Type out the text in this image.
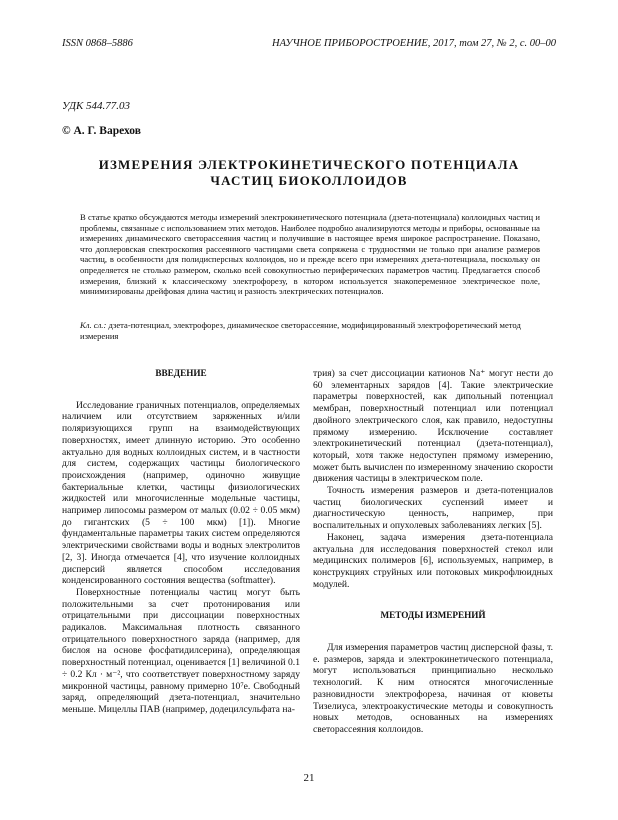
ISSN 0868–5886	НАУЧНОЕ ПРИБОРОСТРОЕНИЕ, 2017, том 27, № 2, с. 00–00
УДК 544.77.03
© А. Г. Варехов
ИЗМЕРЕНИЯ ЭЛЕКТРОКИНЕТИЧЕСКОГО ПОТЕНЦИАЛА
ЧАСТИЦ БИОКОЛЛОИДОВ
В статье кратко обсуждаются методы измерений электрокинетического потенциала (дзета-потенциала) коллоидных частиц и проблемы, связанные с использованием этих методов. Наиболее подробно анализируются методы и приборы, основанные на измерениях динамического светорассеяния частиц и получившие в настоящее время широкое распространение. Показано, что доплеровская спектроскопия рассеянного частицами света сопряжена с трудностями не только при анализе размеров частиц, в особенности для полидисперсных коллоидов, но и прежде всего при измерениях дзета-потенциала, поскольку он определяется не столько размером, сколько всей совокупностью периферических параметров частиц. Предлагается способ измерения, близкий к классическому электрофорезу, в котором используется знакопеременное электрическое поле, минимизированы дрейфовая длина частиц и разность электрических потенциалов.
Кл. сл.: дзета-потенциал, электрофорез, динамическое светорассеяние, модифицированный электрофоретический метод измерения
ВВЕДЕНИЕ

Исследование граничных потенциалов, определяемых наличием или отсутствием заряженных и/или поляризующихся групп на взаимодействующих поверхностях, имеет длинную историю. Это особенно актуально для водных коллоидных систем, и в частности для систем, содержащих частицы биологического происхождения (например, одиночно живущие бактериальные клетки, частицы физиологических жидкостей или многочисленные модельные частицы, например липосомы размером от малых (0.02 ÷ 0.05 мкм) до гигантских (5 ÷ 100 мкм) [1]). Многие фундаментальные параметры таких систем определяются электрическими свойствами воды и водных электролитов [2, 3]. Иногда отмечается [4], что изучение коллоидных дисперсий является способом исследования конденсированного состояния вещества (softmatter).

Поверхностные потенциалы частиц могут быть положительными за счет протонирования или отрицательными при диссоциации поверхностных радикалов. Максимальная плотность связанного отрицательного поверхностного заряда (например, для бислоя на основе фосфатидилсерина), определяющая поверхностный потенциал, оценивается [1] величиной 0.1 ÷ 0.2 Кл · м⁻², что соответствует поверхностному заряду микронной частицы, равному примерно 10⁷e. Свободный заряд, определяющий дзета-потенциал, значительно меньше. Мицеллы ПАВ (например, додецилсульфата на-

трия) за счет диссоциации катионов Na⁺ могут нести до 60 элементарных зарядов [4]. Такие электрические параметры поверхностей, как дипольный потенциал мембран, поверхностный потенциал или потенциал двойного электрического слоя, как правило, недоступны прямому измерению. Исключение составляет электрокинетический потенциал (дзета-потенциал), который, хотя также недоступен прямому измерению, может быть вычислен по измеренному значению скорости движения частицы в электрическом поле.

Точность измерения размеров и дзета-потенциалов частиц биологических суспензий имеет и диагностическую ценность, например, при воспалительных и опухолевых заболеваниях легких [5].

Наконец, задача измерения дзета-потенциала актуальна для исследования поверхностей стекол или медицинских полимеров [6], используемых, например, в конструкциях струйных или потоковых микрофлюидных модулей.

МЕТОДЫ ИЗМЕРЕНИЙ

Для измерения параметров частиц дисперсной фазы, т. е. размеров, заряда и электрокинетического потенциала, могут использоваться принципиально несколько технологий. К ним относятся многочисленные разновидности электрофореза, начиная от кюветы Тизелиуса, электроакустические методы и совокупность новых методов, основанных на измерениях светорассеяния коллоидов.

21
